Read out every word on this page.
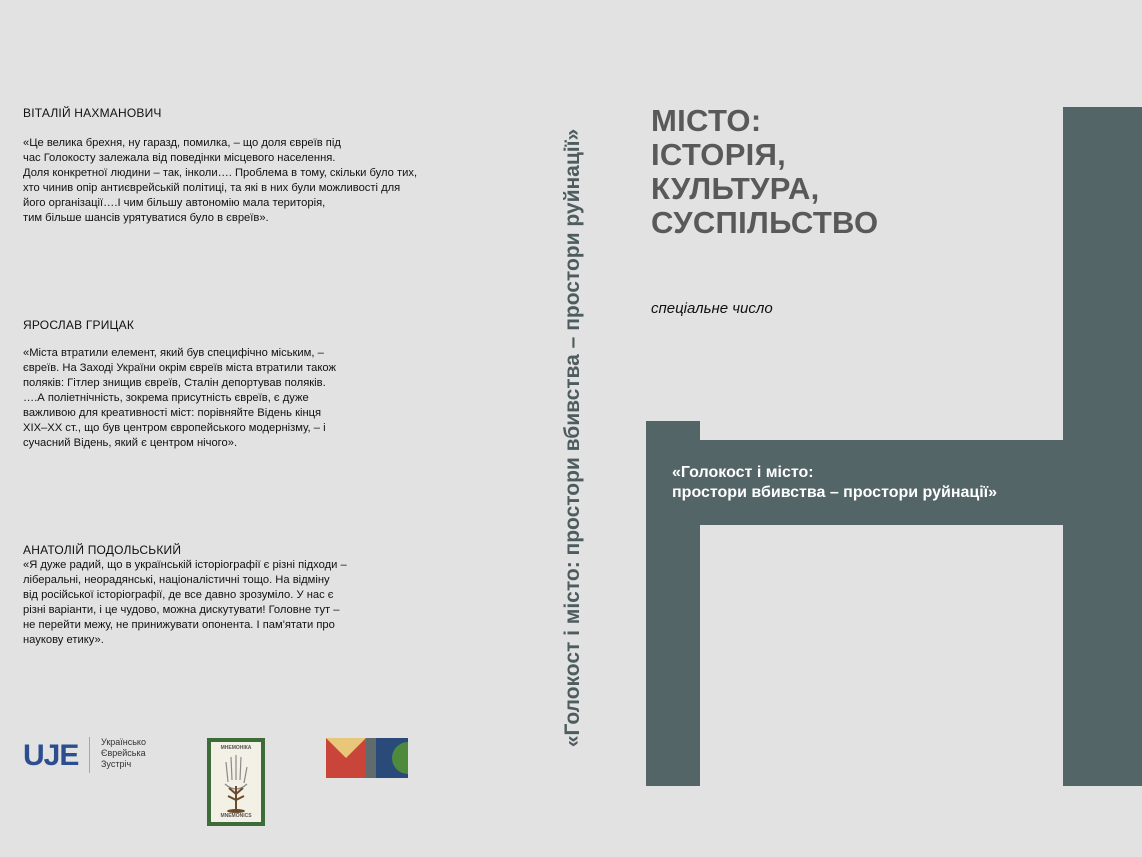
ВІТАЛІЙ НАХМАНОВИЧ
«Це велика брехня, ну гаразд, помилка, – що доля євреїв під
час Голокосту залежала від поведінки місцевого населення.
Доля конкретної людини – так, інколи…. Проблема в тому, скільки було тих,
хто чинив опір антиєврейській політиці, та які в них були можливості для
його організації….І чим більшу автономію мала територія,
тим більше шансів урятуватися було в євреїв».
ЯРОСЛАВ ГРИЦАК
«Міста втратили елемент, який був специфічно міським, –
євреїв. На Заході України окрім євреїв міста втратили також
поляків: Гітлер знищив євреїв, Сталін депортував поляків.
….А поліетнічність, зокрема присутність євреїв, є дуже
важливою для креативності міст: порівняйте Відень кінця
XIX–XX ст., що був центром європейського модернізму, – і
сучасний Відень, який є центром нічого».
АНАТОЛІЙ ПОДОЛЬСЬКИЙ
«Я дуже радий, що в українській історіографії є різні підходи –
ліберальні, неорадянські, націоналістичні тощо. На відміну
від російської історіографії, де все давно зрозуміло. У нас є
різні варіанти, і це чудово, можна дискутувати! Головне тут –
не перейти межу, не принижувати опонента. І пам'ятати про
наукову етику».
UJE	Українсько
Єврейська
Зустріч
МНЕМОНІКА
MNEMONICS
«Голокост і місто: простори вбивства – простори руйнації»
МІСТО:
ІСТОРІЯ,
КУЛЬТУРА,
СУСПІЛЬСТВО
спеціальне число
«Голокост і місто:
простори вбивства – простори руйнації»
